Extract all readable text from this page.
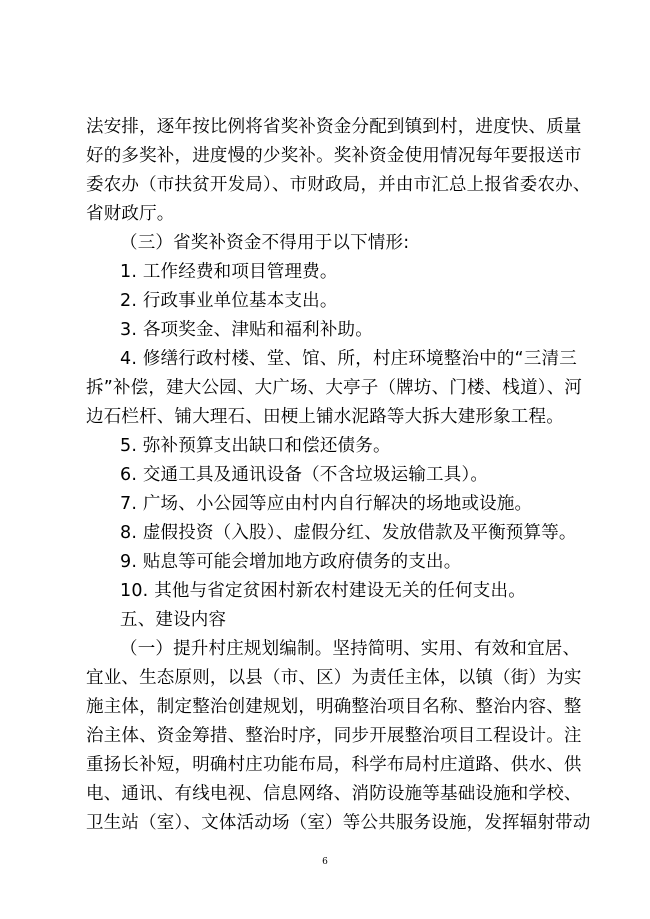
法安排，逐年按比例将省奖补资金分配到镇到村，进度快、质量
好的多奖补，进度慢的少奖补。奖补资金使用情况每年要报送市
委农办（市扶贫开发局）、市财政局，并由市汇总上报省委农办、
省财政厅。
（三）省奖补资金不得用于以下情形:
1. 工作经费和项目管理费。
2. 行政事业单位基本支出。
3. 各项奖金、津贴和福利补助。
4. 修缮行政村楼、堂、馆、所，村庄环境整治中的“三清三
拆”补偿，建大公园、大广场、大亭子（牌坊、门楼、栈道）、河
边石栏杆、铺大理石、田梗上铺水泥路等大拆大建形象工程。
5. 弥补预算支出缺口和偿还债务。
6. 交通工具及通讯设备（不含垃圾运输工具）。
7. 广场、小公园等应由村内自行解决的场地或设施。
8. 虚假投资（入股）、虚假分红、发放借款及平衡预算等。
9. 贴息等可能会增加地方政府债务的支出。
10. 其他与省定贫困村新农村建设无关的任何支出。
五、建设内容
（一）提升村庄规划编制。坚持简明、实用、有效和宜居、
宜业、生态原则，以县（市、区）为责任主体，以镇（街）为实
施主体，制定整治创建规划，明确整治项目名称、整治内容、整
治主体、资金筹措、整治时序，同步开展整治项目工程设计。注
重扬长补短，明确村庄功能布局，科学布局村庄道路、供水、供
电、通讯、有线电视、信息网络、消防设施等基础设施和学校、
卫生站（室）、文体活动场（室）等公共服务设施，发挥辐射带动
6
